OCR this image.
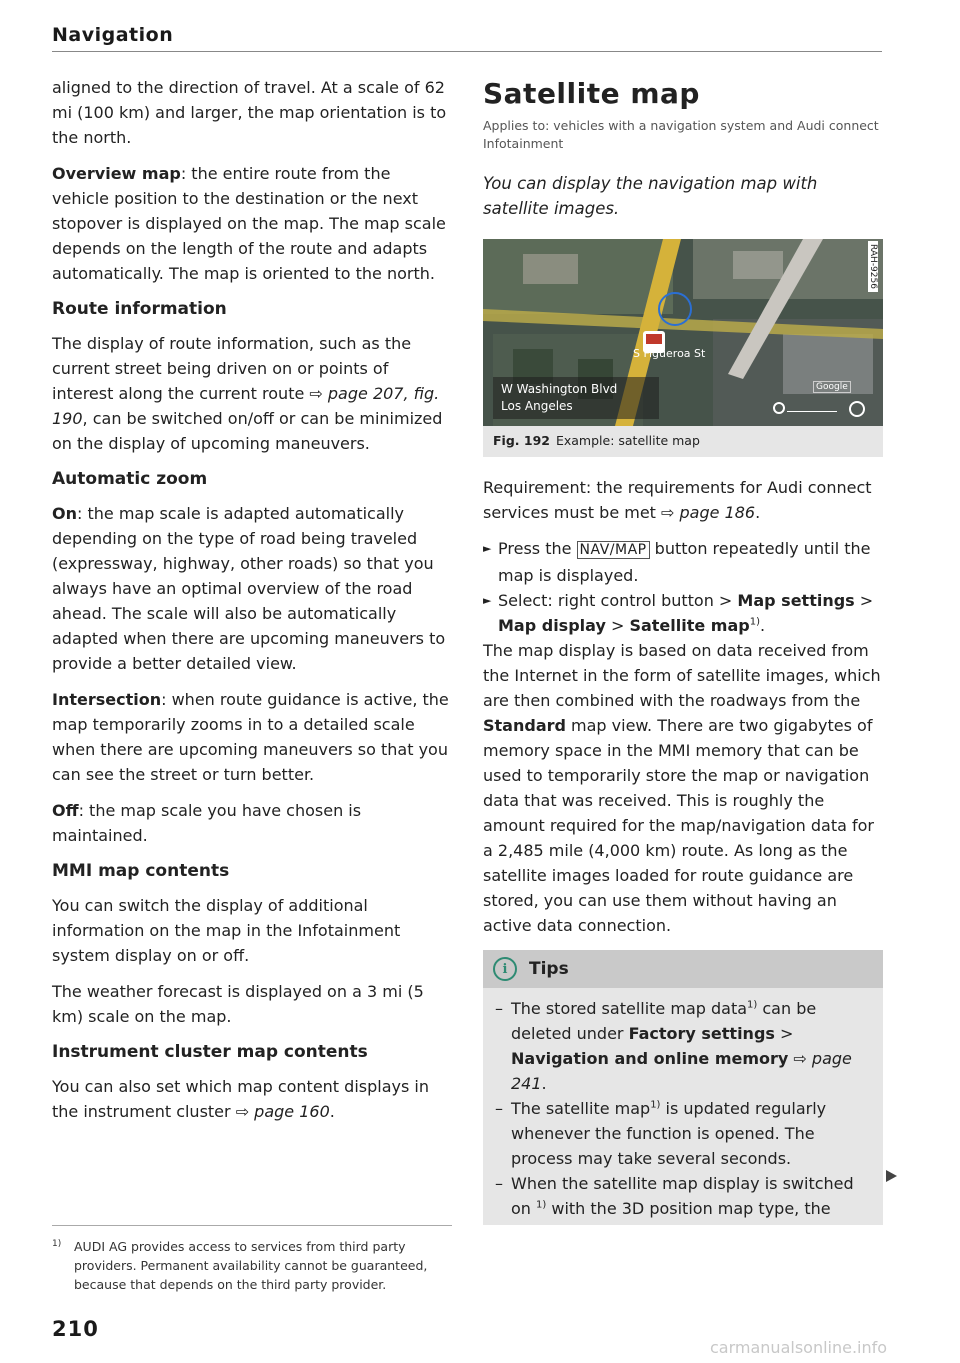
Navigation

aligned to the direction of travel. At a scale of 62 mi (100 km) and larger, the map orientation is to the north.

Overview map: the entire route from the vehicle position to the destination or the next stopover is displayed on the map. The map scale depends on the length of the route and adapts automatically. The map is oriented to the north.

Route information

The display of route information, such as the current street being driven on or points of interest along the current route ⇨ page 207, fig. 190, can be switched on/off or can be minimized on the display of upcoming maneuvers.

Automatic zoom

On: the map scale is adapted automatically depending on the type of road being traveled (expressway, highway, other roads) so that you always have an optimal overview of the road ahead. The scale will also be automatically adapted when there are upcoming maneuvers to provide a better detailed view.

Intersection: when route guidance is active, the map temporarily zooms in to a detailed scale when there are upcoming maneuvers so that you can see the street or turn better.

Off: the map scale you have chosen is maintained.

MMI map contents

You can switch the display of additional information on the map in the Infotainment system display on or off.

The weather forecast is displayed on a 3 mi (5 km) scale on the map.

Instrument cluster map contents

You can also set which map content displays in the instrument cluster ⇨ page 160.

Satellite map
Applies to: vehicles with a navigation system and Audi connect Infotainment
You can display the navigation map with satellite images.
S Figueroa St
W Washington Blvd
Los Angeles
Google
RAH-9256
Fig. 192 Example: satellite map

Requirement: the requirements for Audi connect services must be met ⇨ page 186.

► Press the NAV/MAP button repeatedly until the map is displayed.

► Select: right control button > Map settings > Map display > Satellite map$^{1)}$.

The map display is based on data received from the Internet in the form of satellite images, which are then combined with the roadways from the Standard map view. There are two gigabytes of memory space in the MMI memory that can be used to temporarily store the map or navigation data that was received. This is roughly the amount required for the map/navigation data for a 2,485 mile (4,000 km) route. As long as the satellite images loaded for route guidance are stored, you can use them without having an active data connection.

i	Tips

– The stored satellite map data$^{1)}$ can be deleted under Factory settings > Navigation and online memory ⇨ page 241.

– The satellite map$^{1)}$ is updated regularly whenever the function is opened. The process may take several seconds.

– When the satellite map display is switched on $^{1)}$ with the 3D position map type, the

1)	AUDI AG provides access to services from third party providers. Permanent availability cannot be guaranteed, because that depends on the third party provider.
210
carmanualsonline.info
